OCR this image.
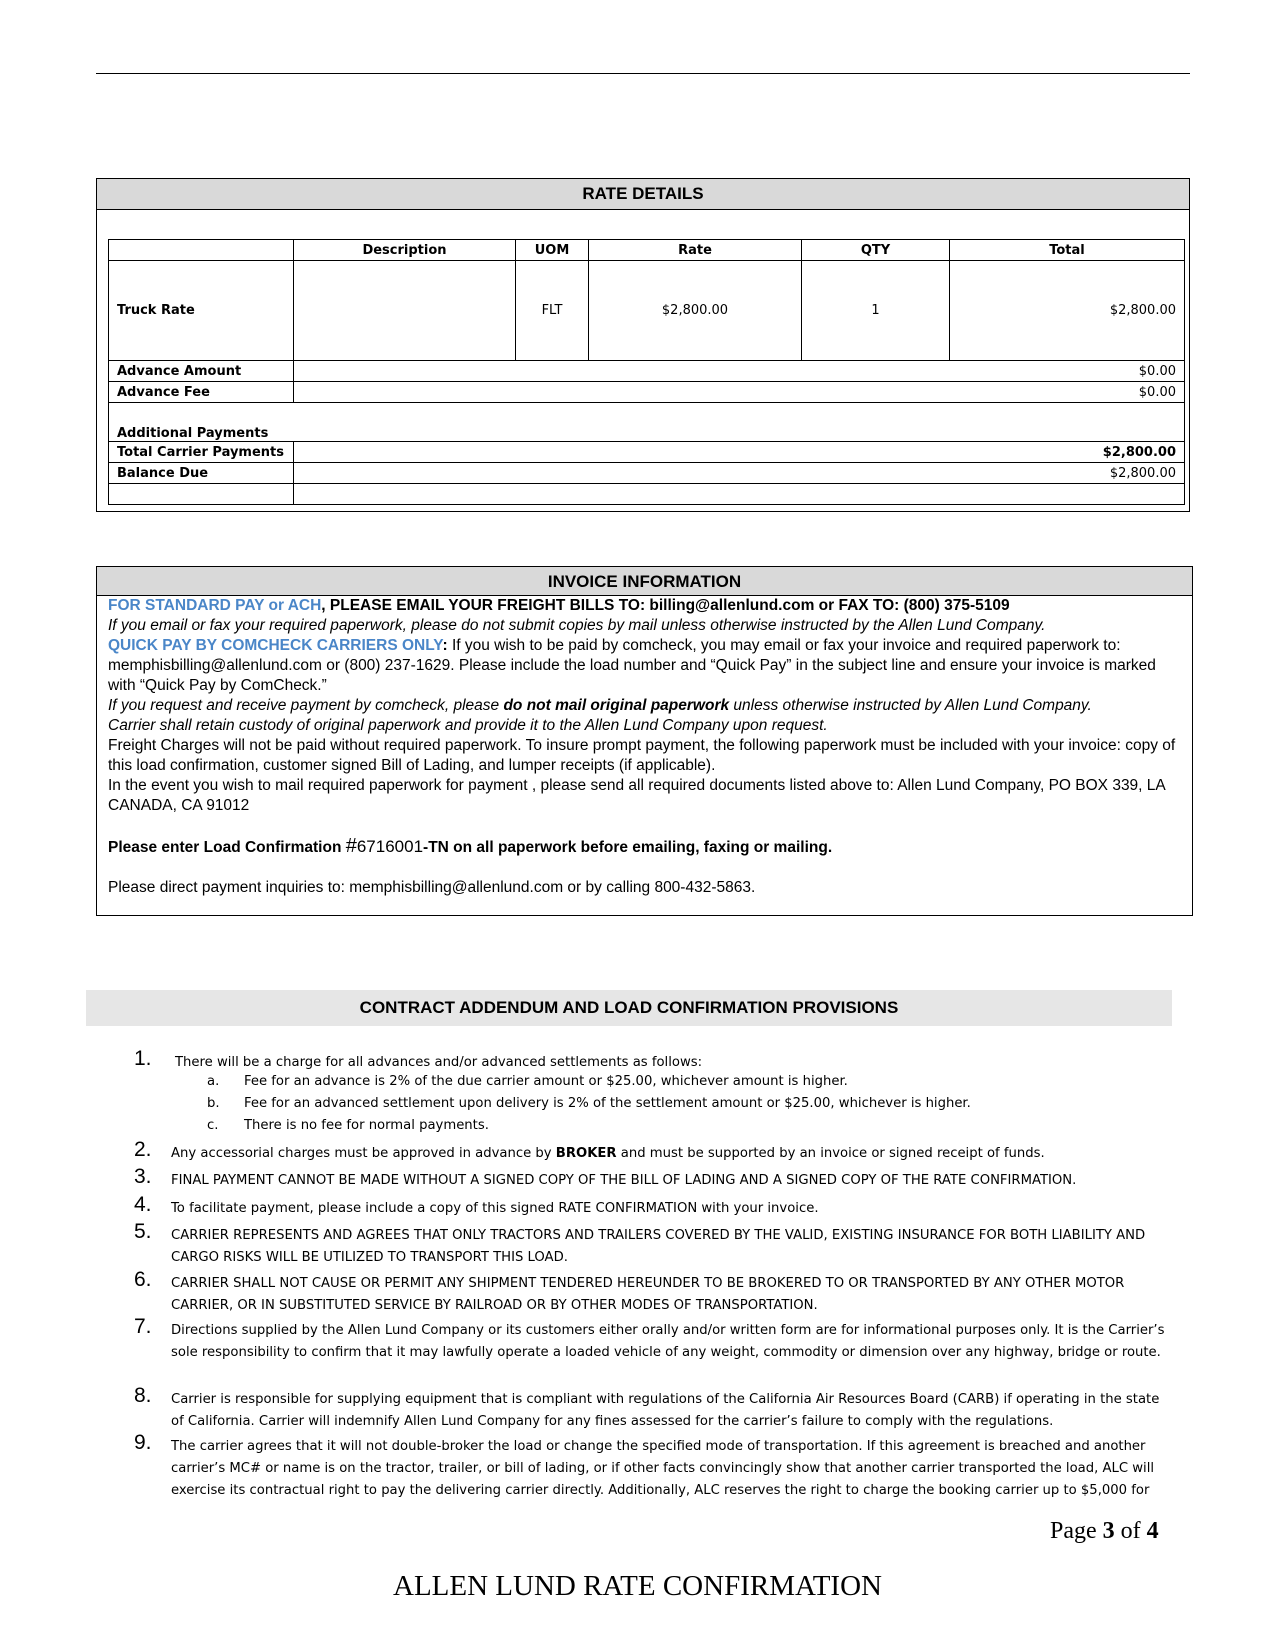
RATE DETAILS
	Description	UOM	Rate	QTY	Total
Truck Rate		FLT	$2,800.00	1	$2,800.00
Advance Amount	$0.00				
Advance Fee	$0.00				
Additional Payments					
Total Carrier Payments	$2,800.00				
Balance Due	$2,800.00				

INVOICE INFORMATION

FOR STANDARD PAY or ACH, PLEASE EMAIL YOUR FREIGHT BILLS TO: billing@allenlund.com or FAX TO: (800) 375-5109

If you email or fax your required paperwork, please do not submit copies by mail unless otherwise instructed by the Allen Lund Company.

QUICK PAY BY COMCHECK CARRIERS ONLY: If you wish to be paid by comcheck, you may email or fax your invoice and required paperwork to: memphisbilling@allenlund.com or (800) 237-1629. Please include the load number and “Quick Pay” in the subject line and ensure your invoice is marked with “Quick Pay by ComCheck.”

If you request and receive payment by comcheck, please do not mail original paperwork unless otherwise instructed by Allen Lund Company.

Carrier shall retain custody of original paperwork and provide it to the Allen Lund Company upon request.

Freight Charges will not be paid without required paperwork. To insure prompt payment, the following paperwork must be included with your invoice: copy of this load confirmation, customer signed Bill of Lading, and lumper receipts (if applicable).

In the event you wish to mail required paperwork for payment , please send all required documents listed above to: Allen Lund Company, PO BOX 339, LA CANADA, CA 91012

Please enter Load Confirmation #6716001-TN on all paperwork before emailing, faxing or mailing.

Please direct payment inquiries to: memphisbilling@allenlund.com or by calling 800-432-5863.

CONTRACT ADDENDUM AND LOAD CONFIRMATION PROVISIONS
1. There will be a charge for all advances and/or advanced settlements as follows:
a. Fee for an advance is 2% of the due carrier amount or $25.00, whichever amount is higher.
b. Fee for an advanced settlement upon delivery is 2% of the settlement amount or $25.00, whichever is higher.
c. There is no fee for normal payments.
2. Any accessorial charges must be approved in advance by BROKER and must be supported by an invoice or signed receipt of funds.
3. FINAL PAYMENT CANNOT BE MADE WITHOUT A SIGNED COPY OF THE BILL OF LADING AND A SIGNED COPY OF THE RATE CONFIRMATION.
4. To facilitate payment, please include a copy of this signed RATE CONFIRMATION with your invoice.
5. CARRIER REPRESENTS AND AGREES THAT ONLY TRACTORS AND TRAILERS COVERED BY THE VALID, EXISTING INSURANCE FOR BOTH LIABILITY AND CARGO RISKS WILL BE UTILIZED TO TRANSPORT THIS LOAD.
6. CARRIER SHALL NOT CAUSE OR PERMIT ANY SHIPMENT TENDERED HEREUNDER TO BE BROKERED TO OR TRANSPORTED BY ANY OTHER MOTOR CARRIER, OR IN SUBSTITUTED SERVICE BY RAILROAD OR BY OTHER MODES OF TRANSPORTATION.
7. Directions supplied by the Allen Lund Company or its customers either orally and/or written form are for informational purposes only. It is the Carrier’s sole responsibility to confirm that it may lawfully operate a loaded vehicle of any weight, commodity or dimension over any highway, bridge or route.
8. Carrier is responsible for supplying equipment that is compliant with regulations of the California Air Resources Board (CARB) if operating in the state of California. Carrier will indemnify Allen Lund Company for any fines assessed for the carrier’s failure to comply with the regulations.
9. The carrier agrees that it will not double-broker the load or change the specified mode of transportation. If this agreement is breached and another carrier’s MC# or name is on the tractor, trailer, or bill of lading, or if other facts convincingly show that another carrier transported the load, ALC will exercise its contractual right to pay the delivering carrier directly. Additionally, ALC reserves the right to charge the booking carrier up to $5,000 for
Page 3 of 4
ALLEN LUND RATE CONFIRMATION
